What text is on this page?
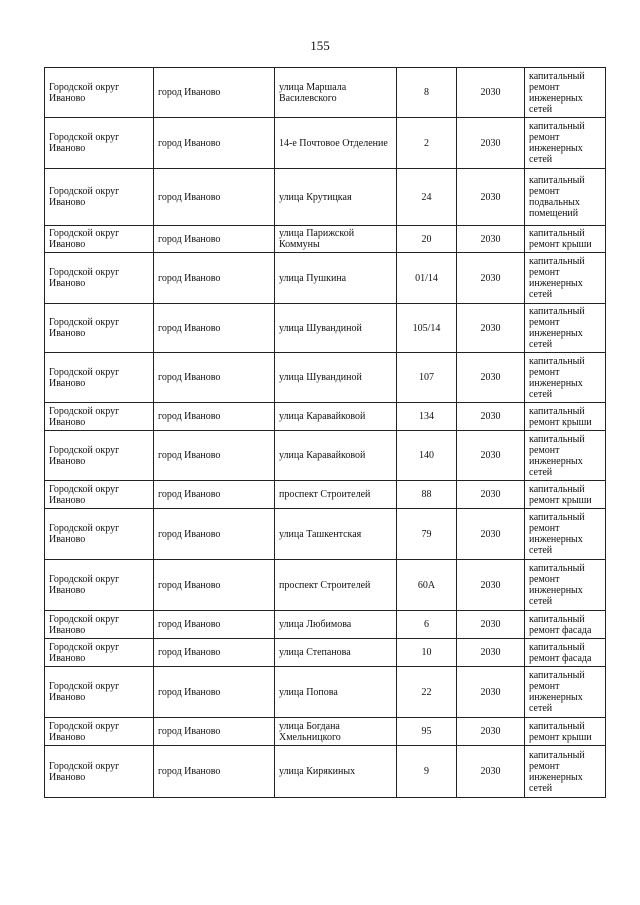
155
Городской округ Иваново	город Иваново	улица Маршала Василевского	8	2030	капитальный ремонт инженерных сетей
Городской округ Иваново	город Иваново	14-е Почтовое Отделение	2	2030	капитальный ремонт инженерных сетей
Городской округ Иваново	город Иваново	улица Крутицкая	24	2030	капитальный ремонт подвальных помещений
Городской округ Иваново	город Иваново	улица Парижской Коммуны	20	2030	капитальный ремонт крыши
Городской округ Иваново	город Иваново	улица Пушкина	01/14	2030	капитальный ремонт инженерных сетей
Городской округ Иваново	город Иваново	улица Шувандиной	105/14	2030	капитальный ремонт инженерных сетей
Городской округ Иваново	город Иваново	улица Шувандиной	107	2030	капитальный ремонт инженерных сетей
Городской округ Иваново	город Иваново	улица Каравайковой	134	2030	капитальный ремонт крыши
Городской округ Иваново	город Иваново	улица Каравайковой	140	2030	капитальный ремонт инженерных сетей
Городской округ Иваново	город Иваново	проспект Строителей	88	2030	капитальный ремонт крыши
Городской округ Иваново	город Иваново	улица Ташкентская	79	2030	капитальный ремонт инженерных сетей
Городской округ Иваново	город Иваново	проспект Строителей	60А	2030	капитальный ремонт инженерных сетей
Городской округ Иваново	город Иваново	улица Любимова	6	2030	капитальный ремонт фасада
Городской округ Иваново	город Иваново	улица Степанова	10	2030	капитальный ремонт фасада
Городской округ Иваново	город Иваново	улица Попова	22	2030	капитальный ремонт инженерных сетей
Городской округ Иваново	город Иваново	улица Богдана Хмельницкого	95	2030	капитальный ремонт крыши
Городской округ Иваново	город Иваново	улица Кирякиных	9	2030	капитальный ремонт инженерных сетей
